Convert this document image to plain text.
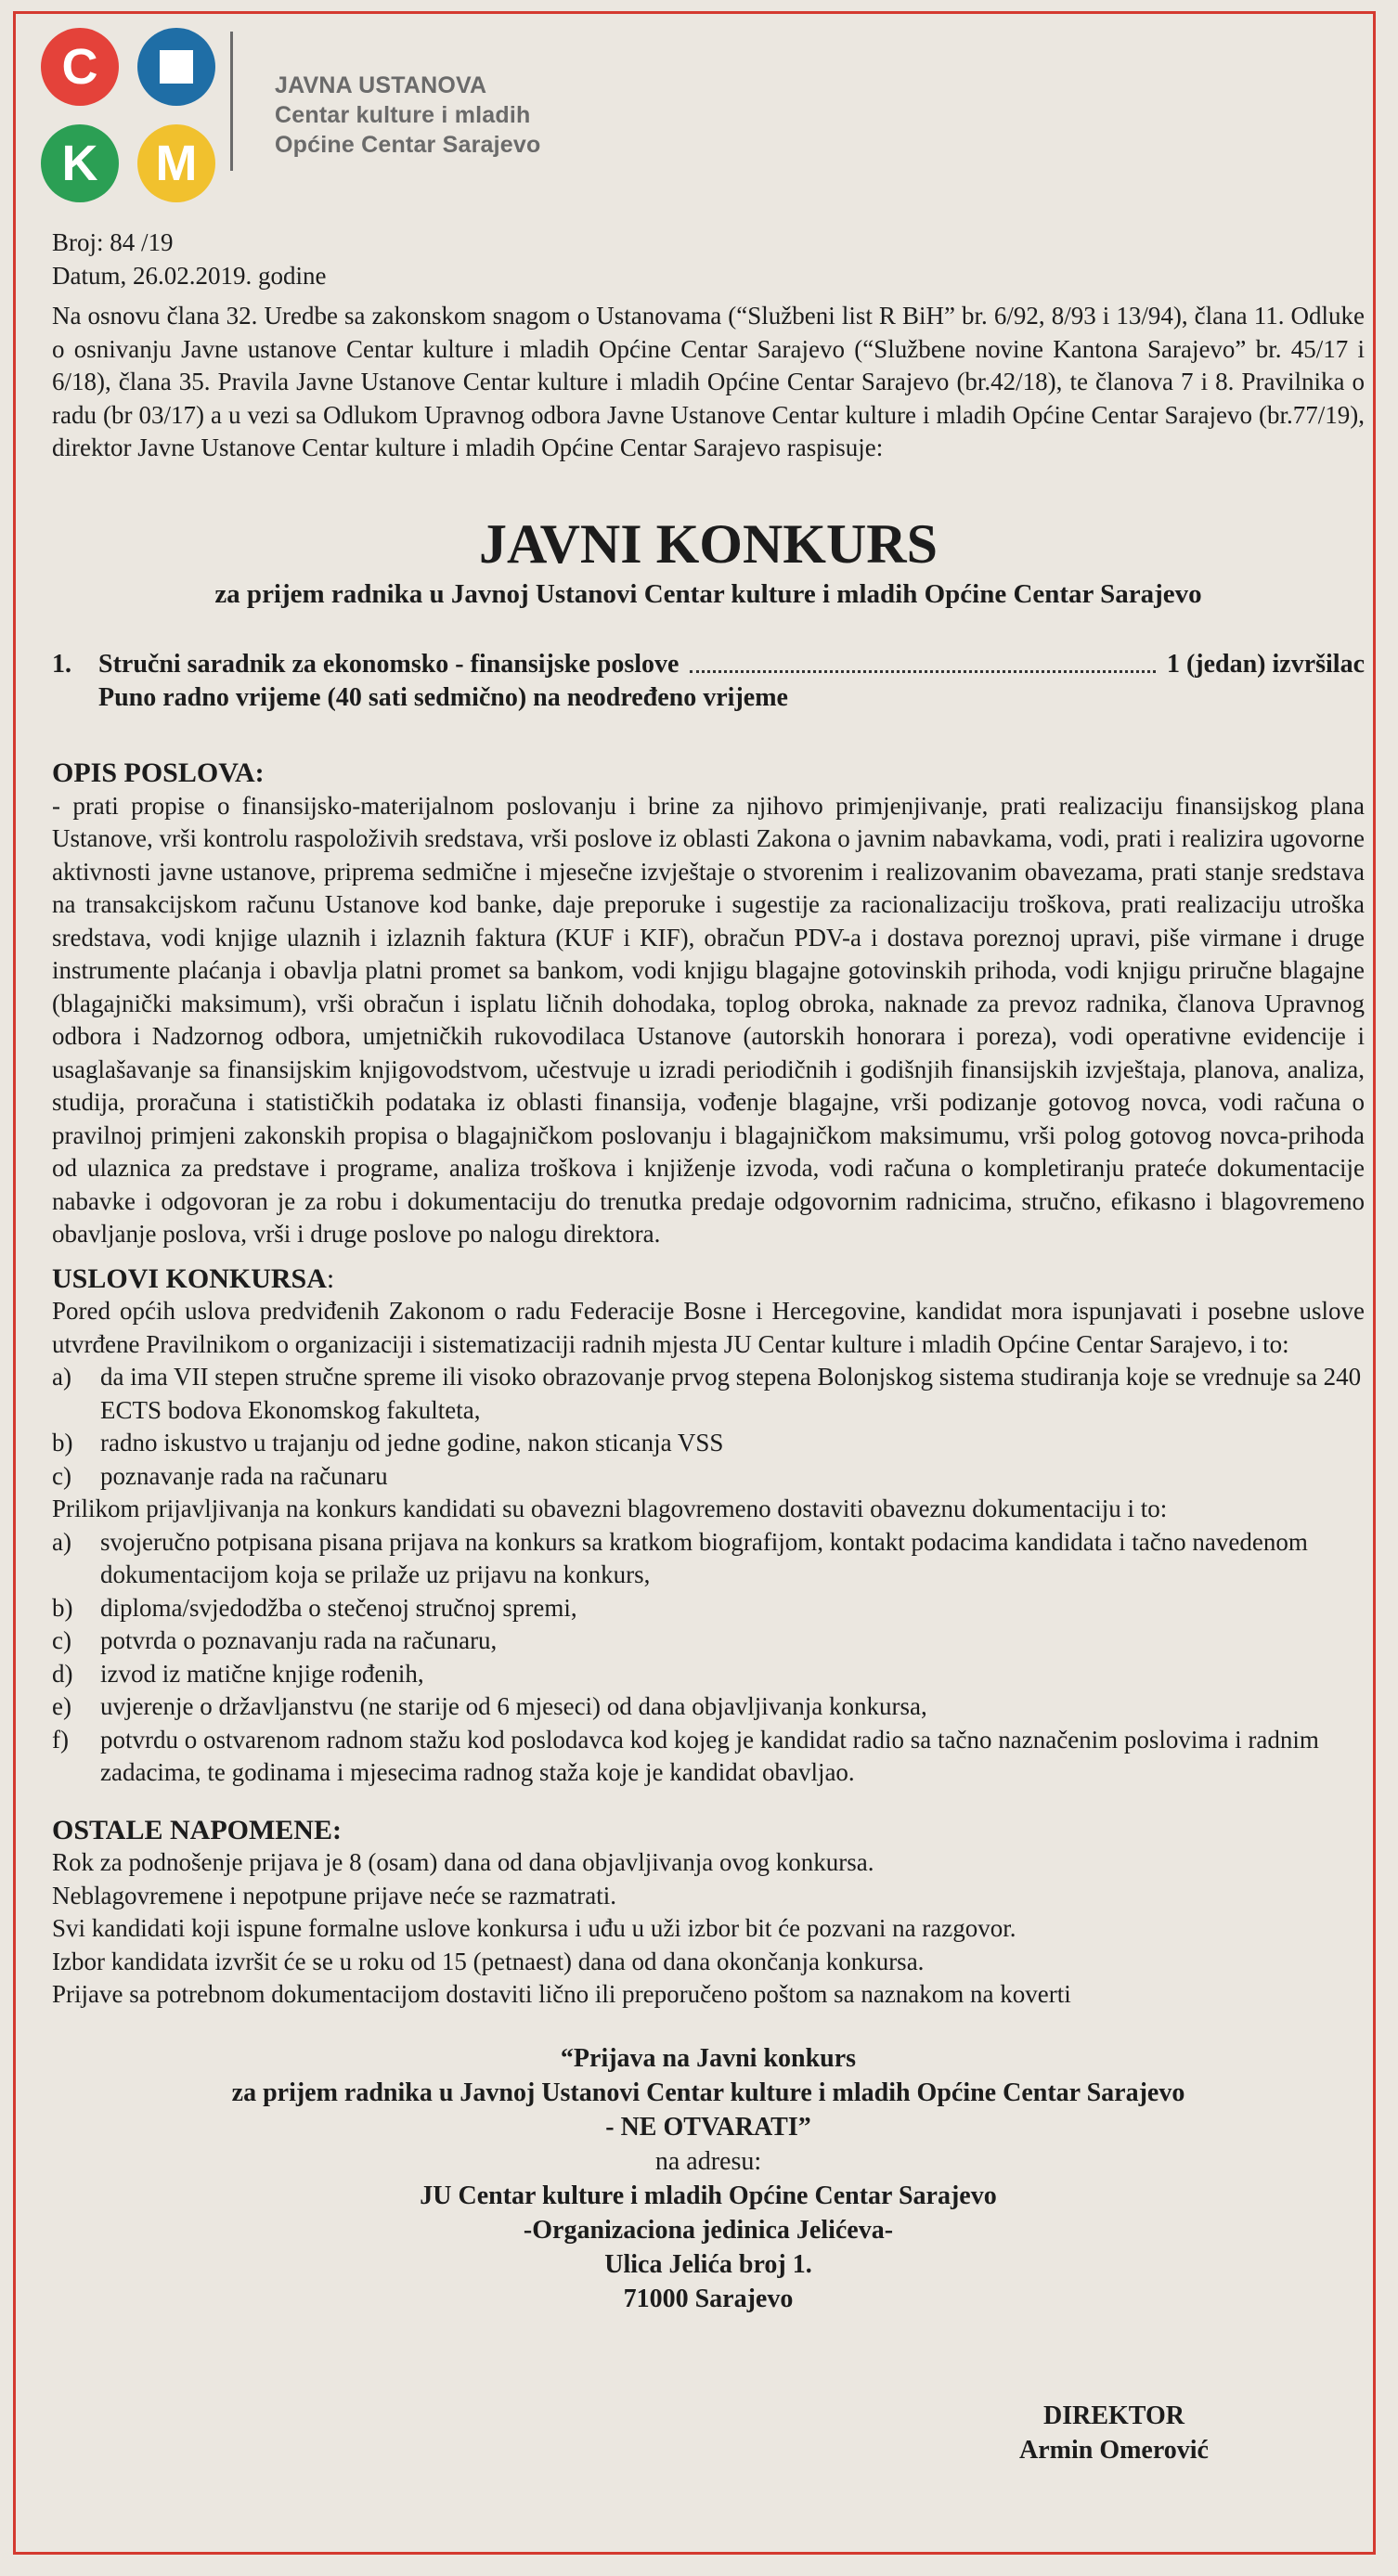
C
K M
JAVNA USTANOVA
Centar kulture i mladih
Općine Centar Sarajevo

Broj: 84 /19

Datum, 26.02.2019. godine

Na osnovu člana 32. Uredbe sa zakonskom snagom o Ustanovama (“Službeni list R BiH” br. 6/92, 8/93 i 13/94), člana 11. Odluke o osnivanju Javne ustanove Centar kulture i mladih Općine Centar Sarajevo (“Službene novine Kantona Sarajevo” br. 45/17 i 6/18), člana 35. Pravila Javne Ustanove Centar kulture i mladih Općine Centar Sarajevo (br.42/18), te članova 7 i 8. Pravilnika o radu (br 03/17) a u vezi sa Odlukom Upravnog odbora Javne Ustanove Centar kulture i mladih Općine Centar Sarajevo (br.77/19), direktor Javne Ustanove Centar kulture i mladih Općine Centar Sarajevo raspisuje:

JAVNI KONKURS
za prijem radnika u Javnoj Ustanovi Centar kulture i mladih Općine Centar Sarajevo
1.	Stručni saradnik za ekonomsko - finansijske poslove	1 (jedan) izvršilac
Puno radno vrijeme (40 sati sedmično) na neodređeno vrijeme
OPIS POSLOVA:

- prati propise o finansijsko-materijalnom poslovanju i brine za njihovo primjenjivanje, prati realizaciju finansijskog plana Ustanove, vrši kontrolu raspoloživih sredstava, vrši poslove iz oblasti Zakona o javnim nabavkama, vodi, prati i realizira ugovorne aktivnosti javne ustanove, pripremа sedmične i mjesečne izvještaje o stvorenim i realizovanim obavezama, prati stanje sredstava na transakcijskom računu Ustanove kod banke, daje preporuke i sugestije za racionalizaciju troškova, prati realizaciju utroška sredstava, vodi knjige ulaznih i izlaznih faktura (KUF i KIF), obračun PDV-a i dostava poreznoj upravi, piše virmane i druge instrumente plaćanja i obavlja platni promet sa bankom, vodi knjigu blagajne gotovinskih prihoda, vodi knjigu priručne blagajne (blagajnički maksimum), vrši obračun i isplatu ličnih dohodaka, toplog obroka, naknade za prevoz radnika, članova Upravnog odbora i Nadzornog odbora, umjetničkih rukovodilaca Ustanove (autorskih honorara i poreza), vodi operativne evidencije i usaglašavanje sa finansijskim knjigovodstvom, učestvuje u izradi periodičnih i godišnjih finansijskih izvještaja, planova, analiza, studija, proračuna i statističkih podataka iz oblasti finansija, vođenje blagajne, vrši podizanje gotovog novca, vodi računa o pravilnoj primjeni zakonskih propisa o blagajničkom poslovanju i blagajničkom maksimumu, vrši polog gotovog novca-prihoda od ulaznica za predstave i programe, analiza troškova i knjiženje izvoda, vodi računa o kompletiranju prateće dokumentacije nabavke i odgovoran je za robu i dokumentaciju do trenutka predaje odgovornim radnicima, stručno, efikasno i blagovremeno obavljanje poslova, vrši i druge poslove po nalogu direktora.

USLOVI KONKURSA:

Pored općih uslova predviđenih Zakonom o radu Federacije Bosne i Hercegovine, kandidat mora ispunjavati i posebne uslove utvrđene Pravilnikom o organizaciji i sistematizaciji radnih mjesta JU Centar kulture i mladih Općine Centar Sarajevo, i to:

a)	da ima VII stepen stručne spreme ili visoko obrazovanje prvog stepena Bolonjskog sistema studiranja koje se vrednuje sa 240 ECTS bodova Ekonomskog fakulteta,
b)	radno iskustvo u trajanju od jedne godine, nakon sticanja VSS
c)	poznavanje rada na računaru

Prilikom prijavljivanja na konkurs kandidati su obavezni blagovremeno dostaviti obaveznu dokumentaciju i to:

a)	svojeručno potpisana pisana prijava na konkurs sa kratkom biografijom, kontakt podacima kandidata i tačno navedenom dokumentacijom koja se prilaže uz prijavu na konkurs,
b)	diploma/svjedodžba o stečenoj stručnoj spremi,
c)	potvrda o poznavanju rada na računaru,
d)	izvod iz matične knjige rođenih,
e)	uvjerenje o državljanstvu (ne starije od 6 mjeseci) od dana objavljivanja konkursa,
f)	potvrdu o ostvarenom radnom stažu kod poslodavca kod kojeg je kandidat radio sa tačno naznačenim poslovima i radnim zadacima, te godinama i mjesecima radnog staža koje je kandidat obavljao.
OSTALE NAPOMENE:

Rok za podnošenje prijava je 8 (osam) dana od dana objavljivanja ovog konkursa.

Neblagovremene i nepotpune prijave neće se razmatrati.

Svi kandidati koji ispune formalne uslove konkursa i uđu u uži izbor bit će pozvani na razgovor.

Izbor kandidata izvršit će se u roku od 15 (petnaest) dana od dana okončanja konkursa.

Prijave sa potrebnom dokumentacijom dostaviti lično ili preporučeno poštom sa naznakom na koverti

“Prijava na Javni konkurs
za prijem radnika u Javnoj Ustanovi Centar kulture i mladih Općine Centar Sarajevo
- NE OTVARATI”
na adresu:
JU Centar kulture i mladih Općine Centar Sarajevo
-Organizaciona jedinica Jelićeva-
Ulica Jelića broj 1.
71000 Sarajevo
DIREKTOR
Armin Omerović
